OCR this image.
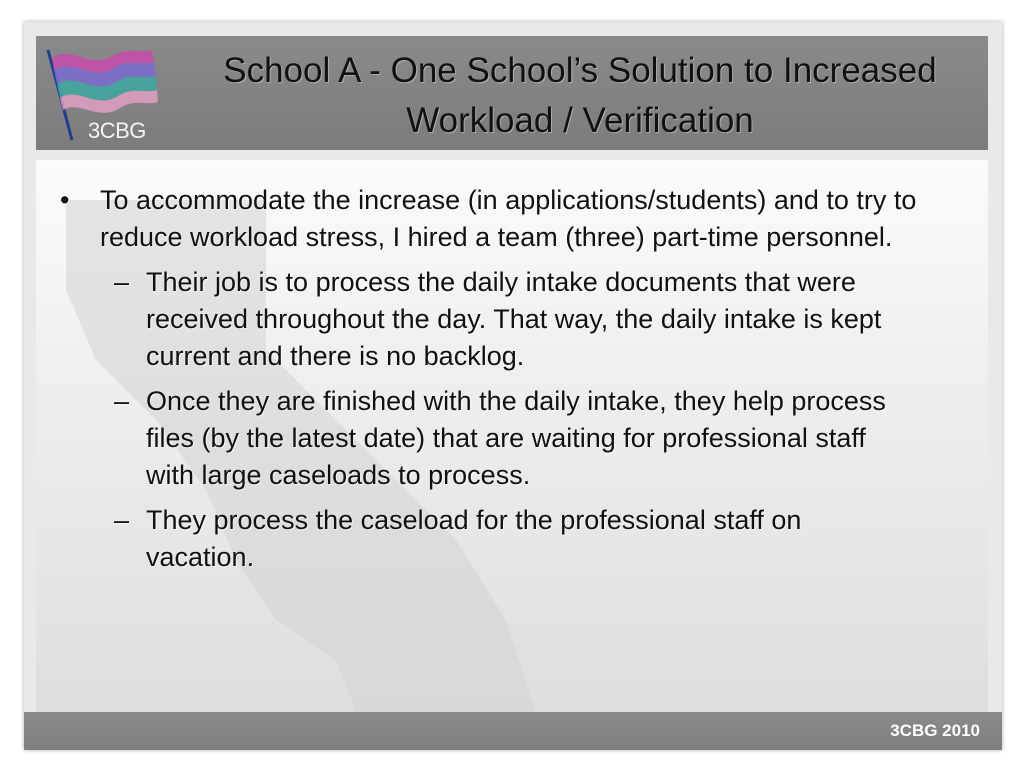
3CBG
School A - One School’s Solution to Increased Workload / Verification
• To accommodate the increase (in applications/students) and to try to reduce workload stress, I hired a team (three) part-time personnel.
– Their job is to process the daily intake documents that were received throughout the day. That way, the daily intake is kept current and there is no backlog.
– Once they are finished with the daily intake, they help process files (by the latest date) that are waiting for professional staff with large caseloads to process.
– They process the caseload for the professional staff on vacation.
3CBG 2010
